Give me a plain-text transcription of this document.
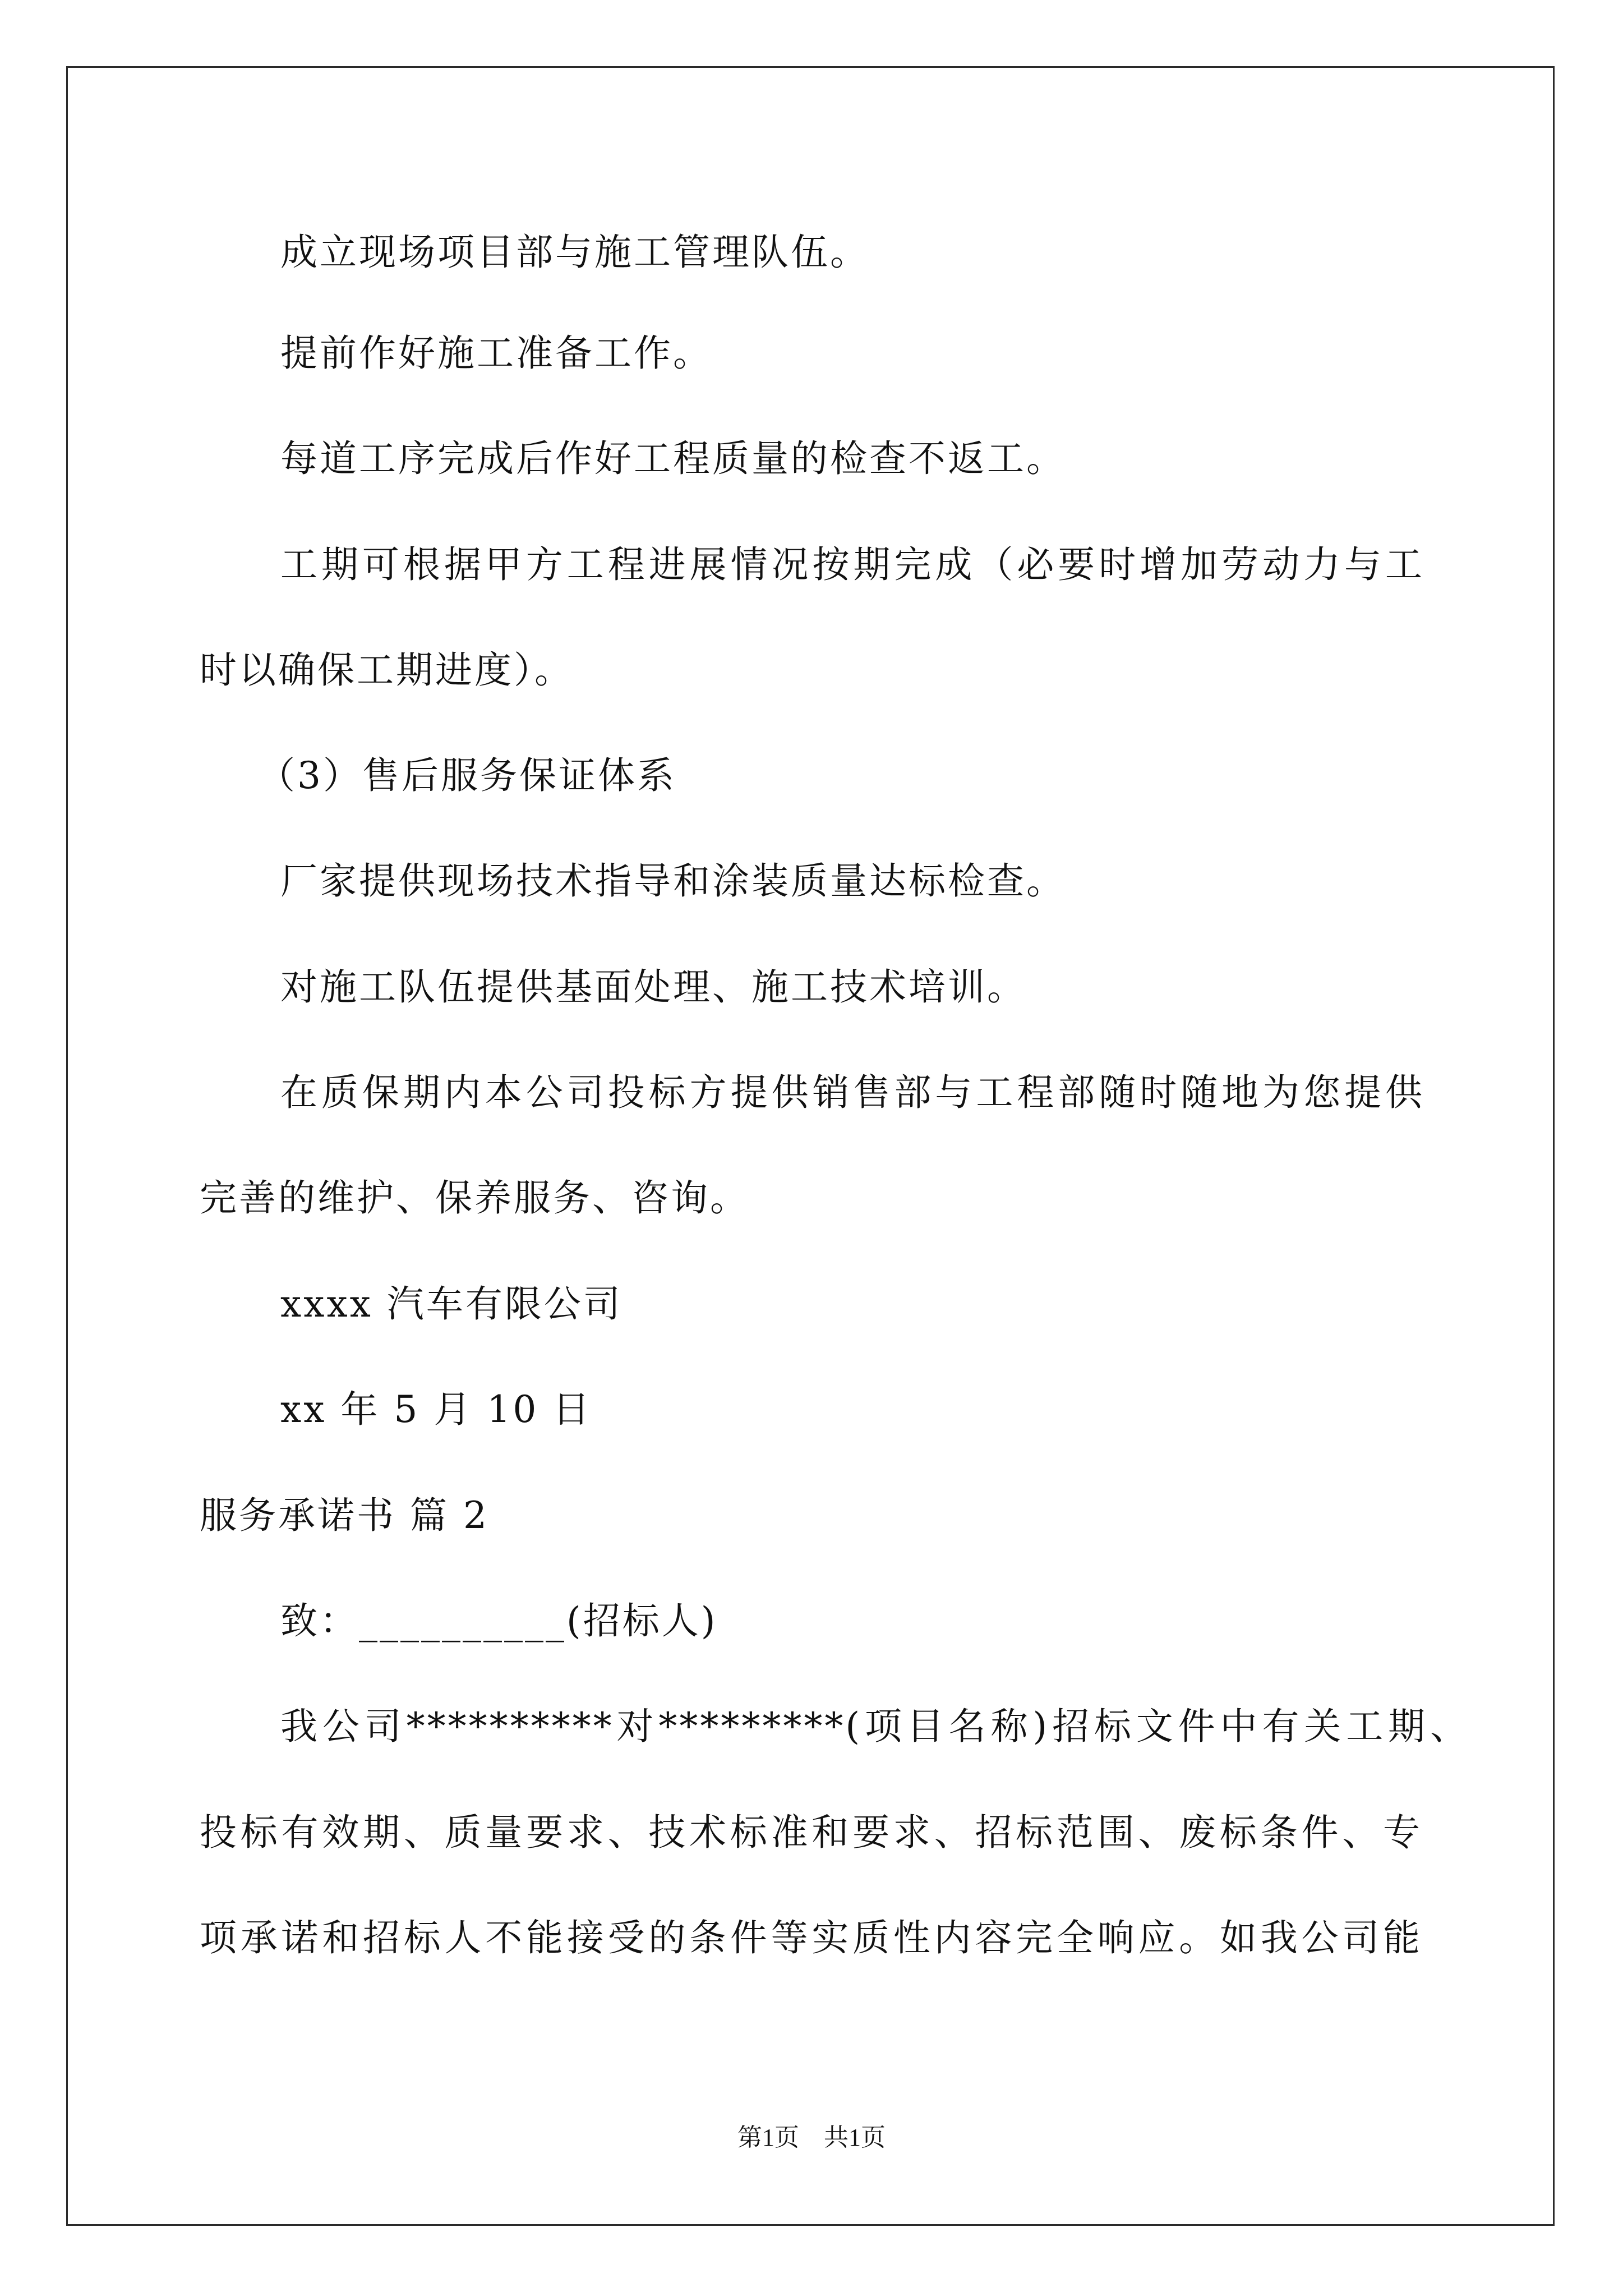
成立现场项目部与施工管理队伍。

提前作好施工准备工作。

每道工序完成后作好工程质量的检查不返工。

工期可根据甲方工程进展情况按期完成（必要时增加劳动力与工

时以确保工期进度）。

（3）售后服务保证体系

厂家提供现场技术指导和涂装质量达标检查。

对施工队伍提供基面处理、施工技术培训。

在质保期内本公司投标方提供销售部与工程部随时随地为您提供

完善的维护、保养服务、咨询。

xxxx 汽车有限公司

xx 年 5 月 10 日

服务承诺书 篇 2

致：__________(招标人)

我公司**********对*********(项目名称)招标文件中有关工期、

投标有效期、质量要求、技术标准和要求、招标范围、废标条件、专

项承诺和招标人不能接受的条件等实质性内容完全响应。如我公司能

第1页　共1页
